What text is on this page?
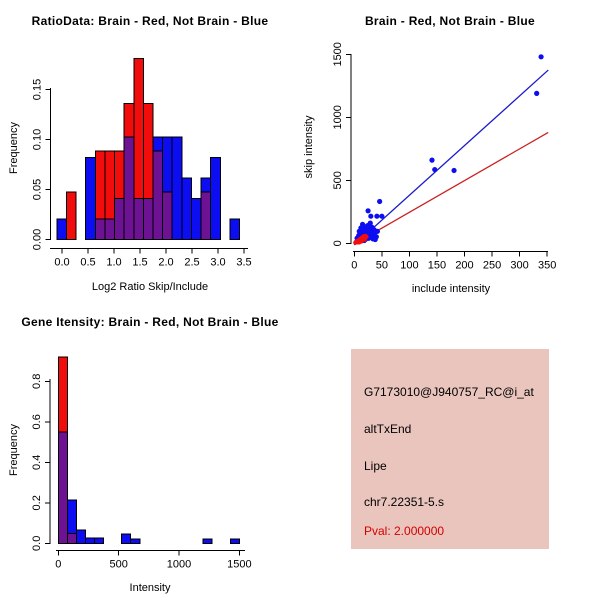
0.0 0.5 1.0 1.5 2.0 2.5 3.0 3.5
0.00
0.05
0.10
0.15
RatioData: Brain - Red, Not Brain - Blue
Log2 Ratio Skip/Include
Frequency
0 50 100 150 200 250 300 350
0
500
1000
1500
Brain - Red, Not Brain - Blue
include intensity
skip intensity
0	500	1000	1500
0.0
0.2
0.4
0.6
0.8
Gene Itensity: Brain - Red, Not Brain - Blue
Intensity
Frequency
G7173010@J940757_RC@i_at
altTxEnd
Lipe
chr7.22351-5.s
Pval: 2.000000
